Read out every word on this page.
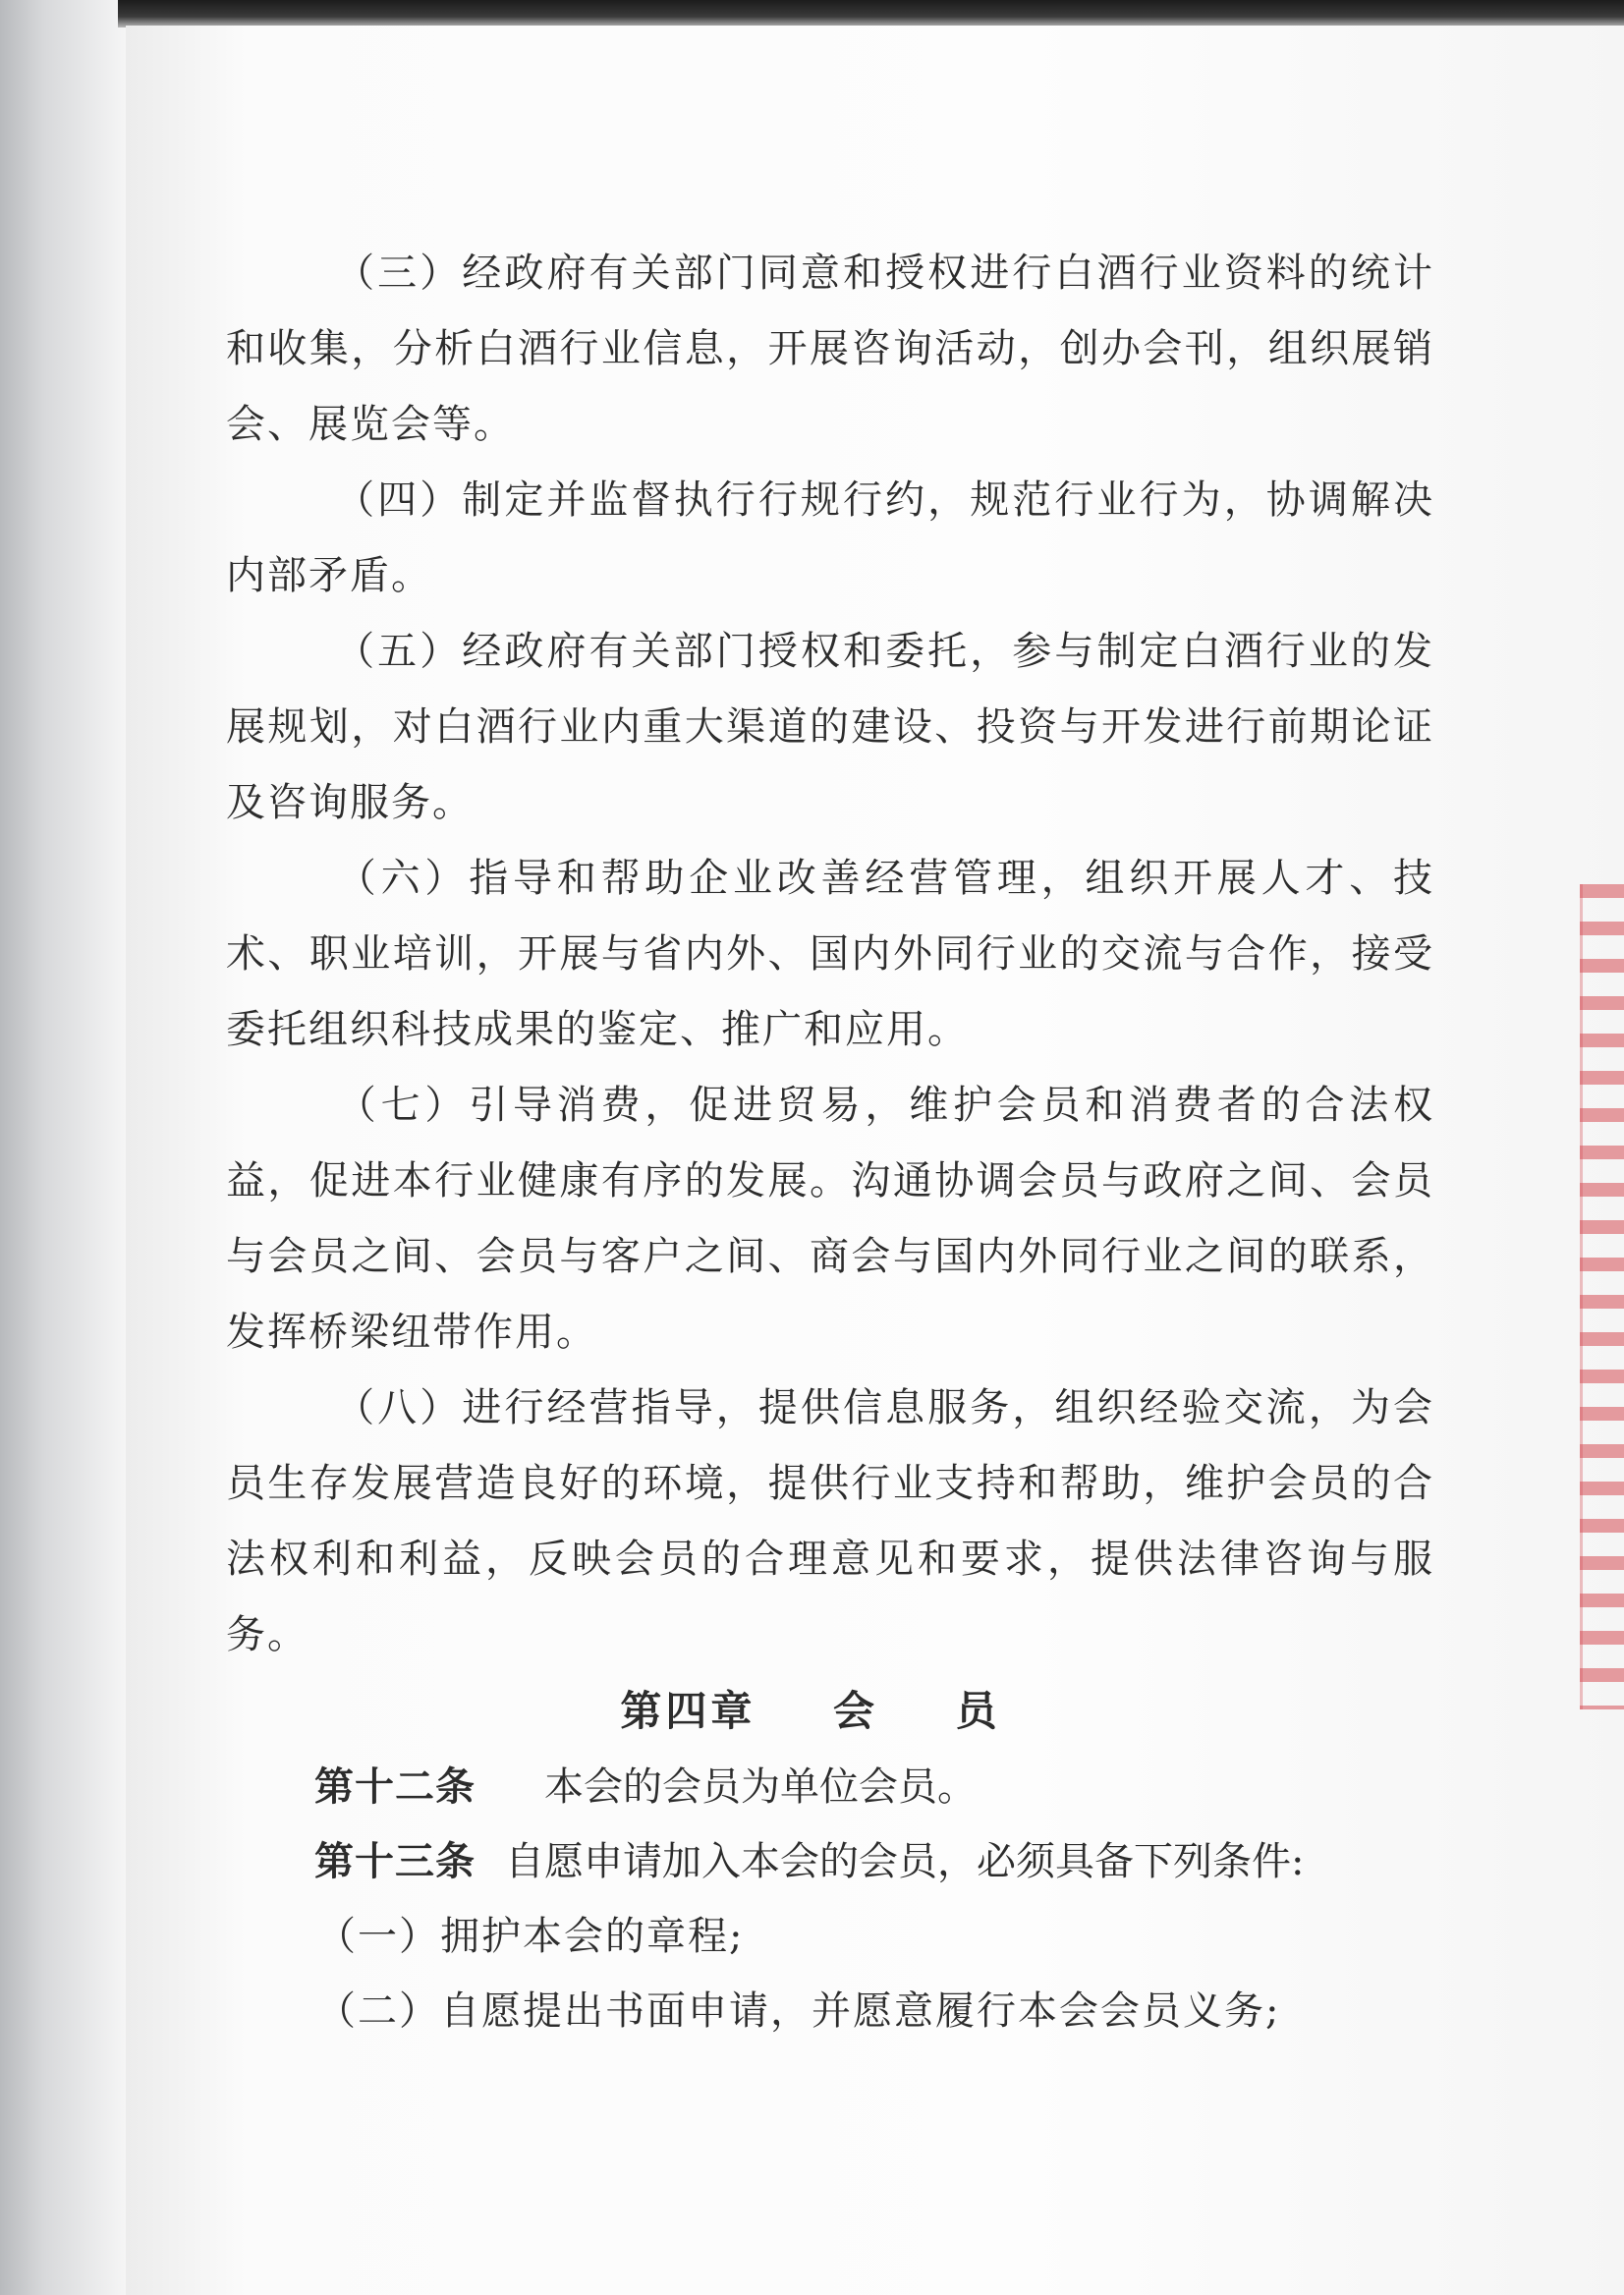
（三）经政府有关部门同意和授权进行白酒行业资料的统计和收集，分析白酒行业信息，开展咨询活动，创办会刊，组织展销会、展览会等。

（四）制定并监督执行行规行约，规范行业行为，协调解决内部矛盾。

（五）经政府有关部门授权和委托，参与制定白酒行业的发展规划，对白酒行业内重大渠道的建设、投资与开发进行前期论证及咨询服务。

（六）指导和帮助企业改善经营管理，组织开展人才、技术、职业培训，开展与省内外、国内外同行业的交流与合作，接受委托组织科技成果的鉴定、推广和应用。

（七）引导消费，促进贸易，维护会员和消费者的合法权益，促进本行业健康有序的发展。沟通协调会员与政府之间、会员与会员之间、会员与客户之间、商会与国内外同行业之间的联系，发挥桥梁纽带作用。

（八）进行经营指导，提供信息服务，组织经验交流，为会员生存发展营造良好的环境，提供行业支持和帮助，维护会员的合法权利和利益，反映会员的合理意见和要求，提供法律咨询与服务。

第四章 会 员

第十二条 本会的会员为单位会员。

第十三条 自愿申请加入本会的会员，必须具备下列条件:

（一）拥护本会的章程;

（二）自愿提出书面申请，并愿意履行本会会员义务;
